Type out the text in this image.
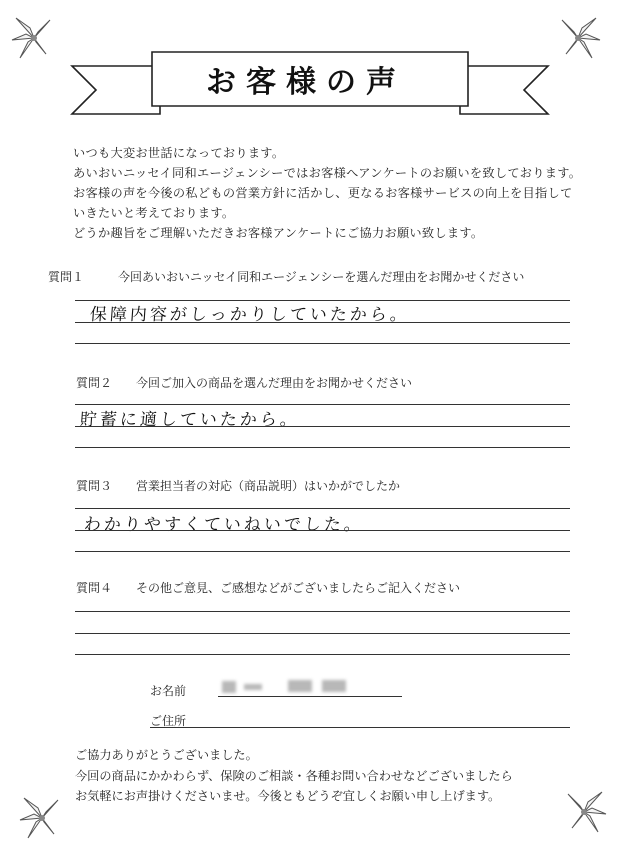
お客様の声
いつも大変お世話になっております。
あいおいニッセイ同和エージェンシーではお客様へアンケートのお願いを致しております。
お客様の声を今後の私どもの営業方針に活かし、更なるお客様サービスの向上を目指して
いきたいと考えております。
どうか趣旨をご理解いただきお客様アンケートにご協力お願い致します。
質問１	今回あいおいニッセイ同和エージェンシーを選んだ理由をお聞かせください
保障内容がしっかりしていたから。
質問２ 今回ご加入の商品を選んだ理由をお聞かせください
貯蓄に適していたから。
質問３ 営業担当者の対応（商品説明）はいかがでしたか
わかりやすくていねいでした。
質問４ その他ご意見、ご感想などがございましたらご記入ください
お名前
ご住所
ご協力ありがとうございました。
今回の商品にかかわらず、保険のご相談・各種お問い合わせなどございましたら
お気軽にお声掛けくださいませ。今後ともどうぞ宜しくお願い申し上げます。
